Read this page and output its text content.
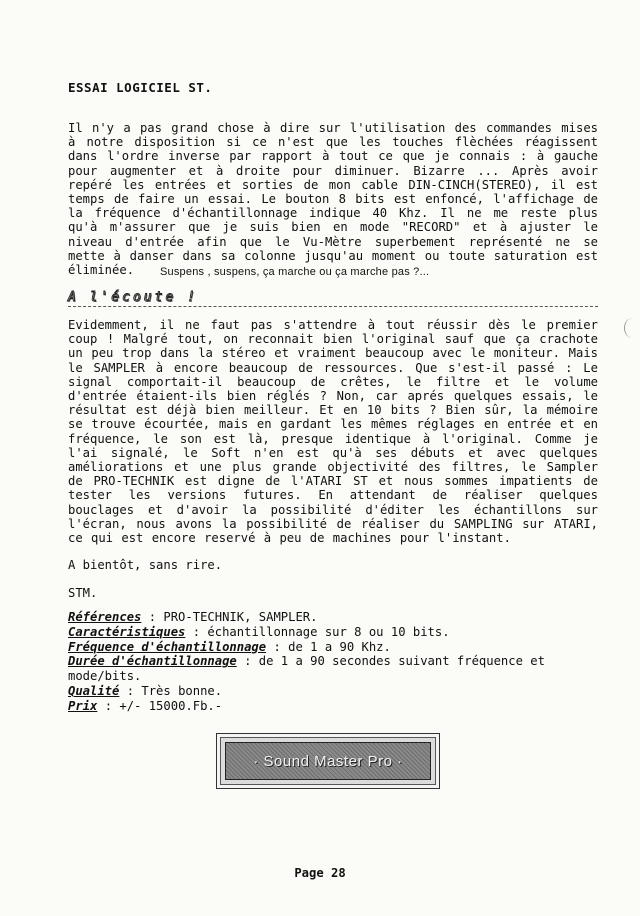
ESSAI LOGICIEL ST.
Il n'y a pas grand chose à dire sur l'utilisation des commandes mises à notre disposition si ce n'est que les touches flèchées réagissent dans l'ordre inverse par rapport à tout ce que je connais : à gauche pour augmenter et à droite pour diminuer. Bizarre ... Après avoir repéré les entrées et sorties de mon cable DIN-CINCH(STEREO), il est temps de faire un essai. Le bouton 8 bits est enfoncé, l'affichage de la fréquence d'échantillonnage indique 40 Khz. Il ne me reste plus qu'à m'assurer que je suis bien en mode "RECORD" et à ajuster le niveau d'entrée afin que le Vu-Mètre superbement représenté ne se mette à danser dans sa colonne jusqu'au moment ou toute saturation est éliminée.	Suspens , suspens, ça marche ou ça marche pas ?...
A l'écoute !
Evidemment, il ne faut pas s'attendre à tout réussir dès le premier coup ! Malgré tout, on reconnait bien l'original sauf que ça crachote un peu trop dans la stéreo et vraiment beaucoup avec le moniteur. Mais le SAMPLER à encore beaucoup de ressources. Que s'est-il passé : Le signal comportait-il beaucoup de crêtes, le filtre et le volume d'entrée étaient-ils bien réglés ? Non, car aprés quelques essais, le résultat est déjà bien meilleur. Et en 10 bits ? Bien sûr, la mémoire se trouve écourtée, mais en gardant les mêmes réglages en entrée et en fréquence, le son est là, presque identique à l'original. Comme je l'ai signalé, le Soft n'en est qu'à ses débuts et avec quelques améliorations et une plus grande objectivité des filtres, le Sampler de PRO-TECHNIK est digne de l'ATARI ST et nous sommes impatients de tester les versions futures. En attendant de réaliser quelques bouclages et d'avoir la possibilité d'éditer les échantillons sur l'écran, nous avons la possibilité de réaliser du SAMPLING sur ATARI, ce qui est encore reservé à peu de machines pour l'instant.
A bientôt, sans rire.
STM.
Références : PRO-TECHNIK, SAMPLER.
Caractéristiques : échantillonnage sur 8 ou 10 bits.
Fréquence d'échantillonnage : de 1 a 90 Khz.
Durée d'échantillonnage : de 1 a 90 secondes suivant fréquence et mode/bits.
Qualité : Très bonne.
Prix : +/- 15000.Fb.-
· Sound Master Pro ·
Page 28
